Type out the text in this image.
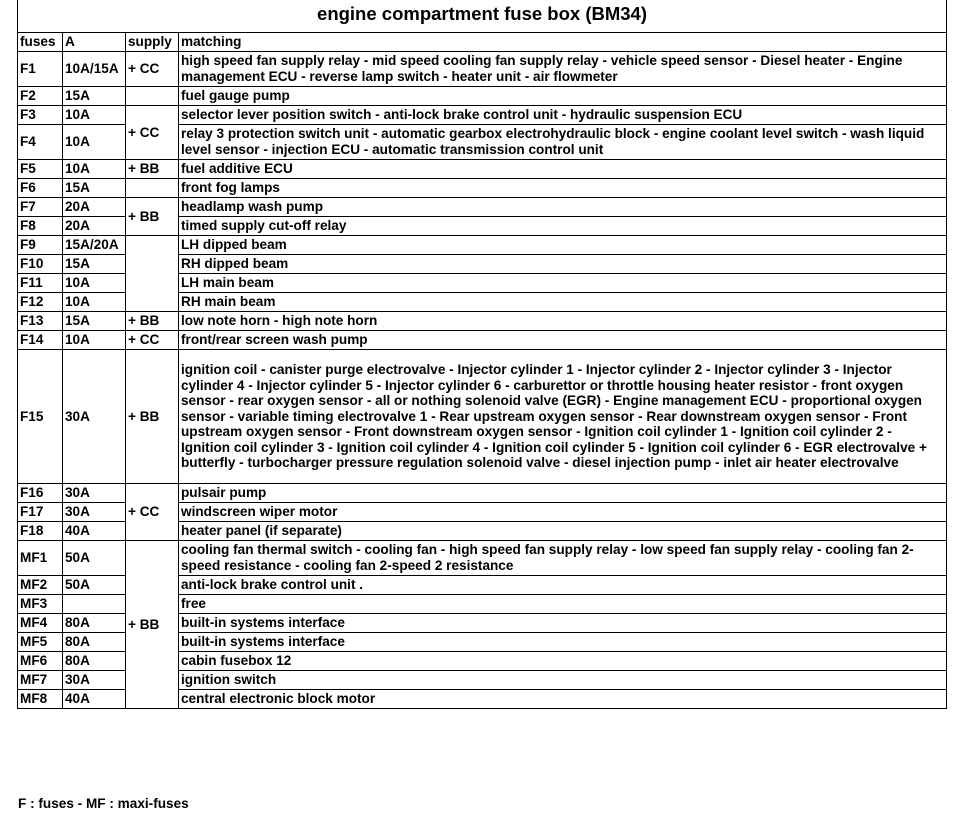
engine compartment fuse box (BM34)			
fuses	A	supply	matching
F1	10A/15A	+ CC	high speed fan supply relay - mid speed cooling fan supply relay - vehicle speed sensor - Diesel heater - Engine management ECU - reverse lamp switch - heater unit - air flowmeter
F2	15A		fuel gauge pump
F3	10A	+ CC	selector lever position switch - anti-lock brake control unit - hydraulic suspension ECU
F4	10A		relay 3 protection switch unit - automatic gearbox electrohydraulic block - engine coolant level switch - wash liquid level sensor - injection ECU - automatic transmission control unit
F5	10A	+ BB	fuel additive ECU
F6	15A		front fog lamps
F7	20A	+ BB	headlamp wash pump
F8	20A		timed supply cut-off relay
F9	15A/20A		LH dipped beam
F10	15A		RH dipped beam
F11	10A		LH main beam
F12	10A		RH main beam
F13	15A	+ BB	low note horn - high note horn
F14	10A	+ CC	front/rear screen wash pump
F15	30A	+ BB	ignition coil - canister purge electrovalve - Injector cylinder 1 - Injector cylinder 2 - Injector cylinder 3 - Injector cylinder 4 - Injector cylinder 5 - Injector cylinder 6 - carburettor or throttle housing heater resistor - front oxygen sensor - rear oxygen sensor - all or nothing solenoid valve (EGR) - Engine management ECU - proportional oxygen sensor - variable timing electrovalve 1 - Rear upstream oxygen sensor - Rear downstream oxygen sensor - Front upstream oxygen sensor - Front downstream oxygen sensor - Ignition coil cylinder 1 - Ignition coil cylinder 2 - Ignition coil cylinder 3 - Ignition coil cylinder 4 - Ignition coil cylinder 5 - Ignition coil cylinder 6 - EGR electrovalve + butterfly - turbocharger pressure regulation solenoid valve - diesel injection pump - inlet air heater electrovalve
F16	30A	+ CC	pulsair pump
F17	30A		windscreen wiper motor
F18	40A		heater panel (if separate)
MF1	50A	+ BB	cooling fan thermal switch - cooling fan - high speed fan supply relay - low speed fan supply relay - cooling fan 2-speed resistance - cooling fan 2-speed 2 resistance
MF2	50A		anti-lock brake control unit .
MF3			free
MF4	80A		built-in systems interface
MF5	80A		built-in systems interface
MF6	80A		cabin fusebox 12
MF7	30A		ignition switch
MF8	40A		central electronic block motor
F : fuses - MF : maxi-fuses
